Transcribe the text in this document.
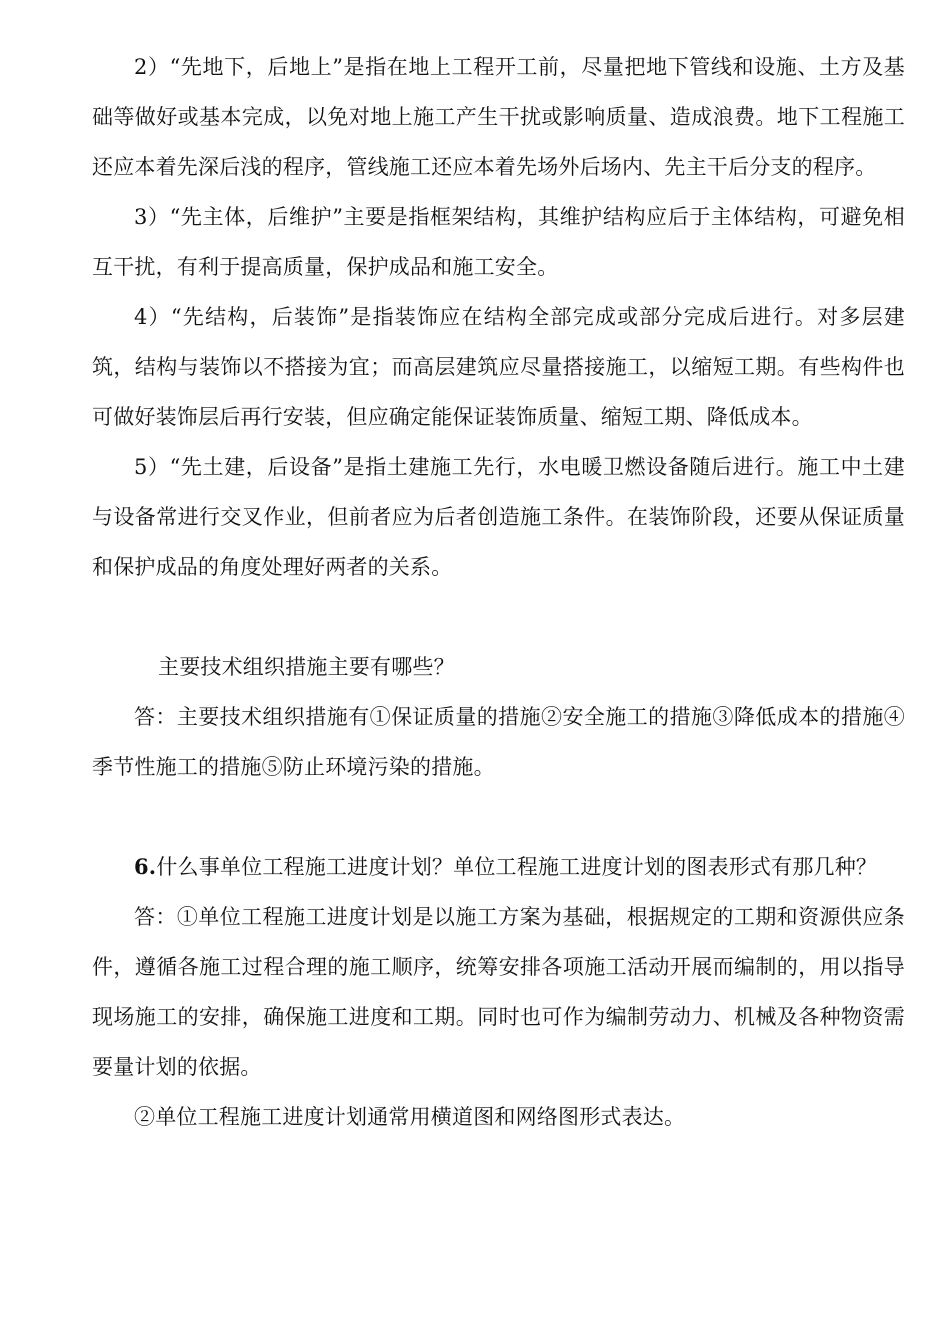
2）“先地下，后地上”是指在地上工程开工前，尽量把地下管线和设施、土方及基础等做好或基本完成，以免对地上施工产生干扰或影响质量、造成浪费。地下工程施工还应本着先深后浅的程序，管线施工还应本着先场外后场内、先主干后分支的程序。

3）“先主体，后维护”主要是指框架结构，其维护结构应后于主体结构，可避免相互干扰，有利于提高质量，保护成品和施工安全。

4）“先结构，后装饰”是指装饰应在结构全部完成或部分完成后进行。对多层建筑，结构与装饰以不搭接为宜；而高层建筑应尽量搭接施工，以缩短工期。有些构件也可做好装饰层后再行安装，但应确定能保证装饰质量、缩短工期、降低成本。

5）“先土建，后设备”是指土建施工先行，水电暖卫燃设备随后进行。施工中土建与设备常进行交叉作业，但前者应为后者创造施工条件。在装饰阶段，还要从保证质量和保护成品的角度处理好两者的关系。

主要技术组织措施主要有哪些？

答：主要技术组织措施有①保证质量的措施②安全施工的措施③降低成本的措施④季节性施工的措施⑤防止环境污染的措施。

6.什么事单位工程施工进度计划？单位工程施工进度计划的图表形式有那几种？

答：①单位工程施工进度计划是以施工方案为基础，根据规定的工期和资源供应条件，遵循各施工过程合理的施工顺序，统筹安排各项施工活动开展而编制的，用以指导现场施工的安排，确保施工进度和工期。同时也可作为编制劳动力、机械及各种物资需要量计划的依据。

②单位工程施工进度计划通常用横道图和网络图形式表达。
